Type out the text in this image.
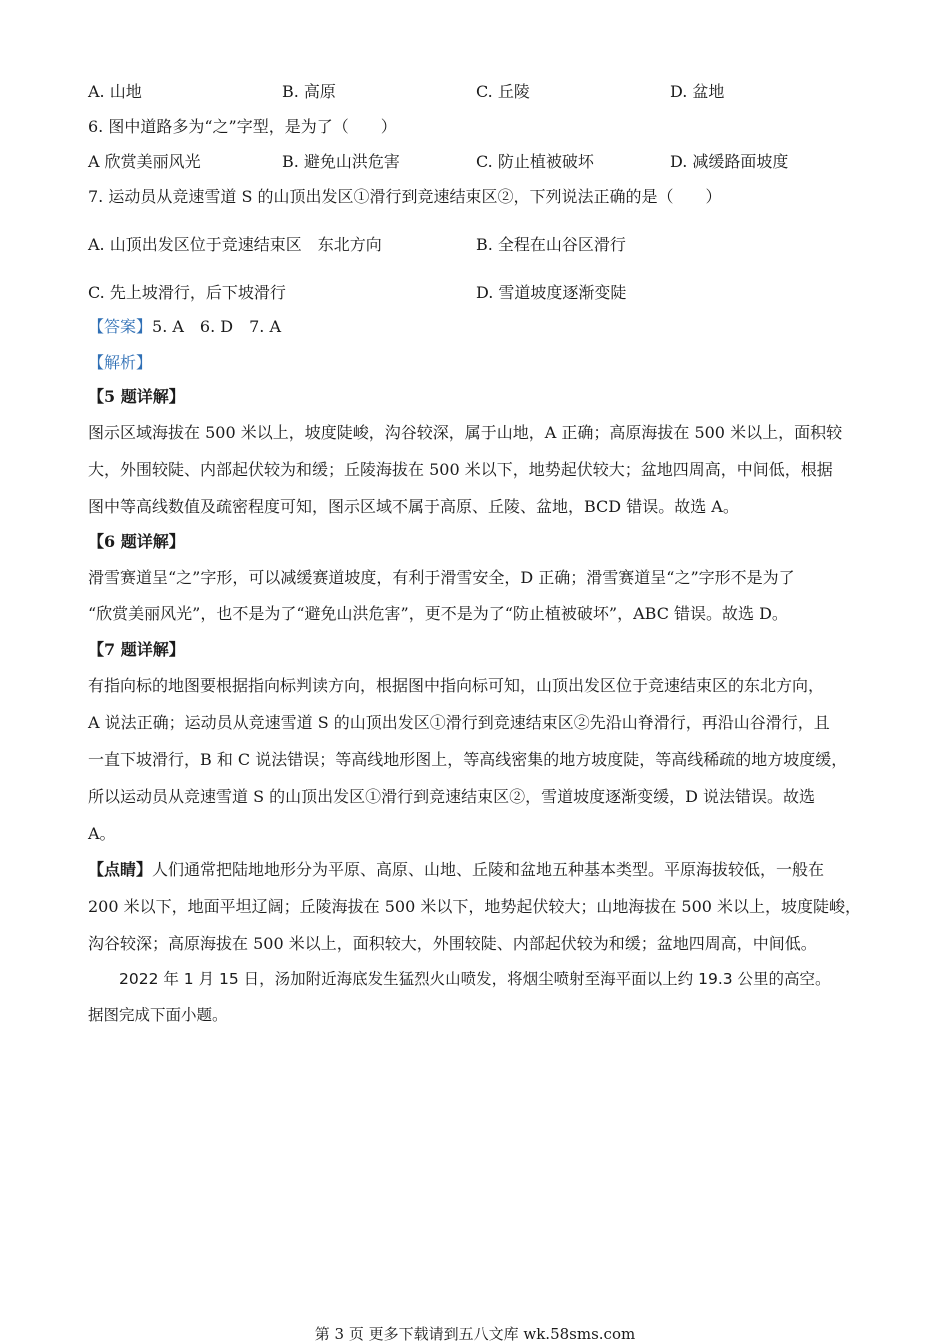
A. 山地	B. 高原	C. 丘陵	D. 盆地
6. 图中道路多为“之”字型，是为了（　　）
A 欣赏美丽风光	B. 避免山洪危害	C. 防止植被破坏	D. 减缓路面坡度
7. 运动员从竞速雪道 S 的山顶出发区①滑行到竞速结束区②，下列说法正确的是（　　）
A. 山顶出发区位于竞速结束区　东北方向	B. 全程在山谷区滑行
C. 先上坡滑行，后下坡滑行	D. 雪道坡度逐渐变陡
【答案】5. A　6. D　7. A
【解析】
【5 题详解】
图示区域海拔在 500 米以上，坡度陡峻，沟谷较深，属于山地，A 正确；高原海拔在 500 米以上，面积较
大，外围较陡、内部起伏较为和缓；丘陵海拔在 500 米以下，地势起伏较大；盆地四周高，中间低，根据
图中等高线数值及疏密程度可知，图示区域不属于高原、丘陵、盆地，BCD 错误。故选 A。
【6 题详解】
滑雪赛道呈“之”字形，可以减缓赛道坡度，有利于滑雪安全，D 正确；滑雪赛道呈“之”字形不是为了
“欣赏美丽风光”，也不是为了“避免山洪危害”，更不是为了“防止植被破坏”，ABC 错误。故选 D。
【7 题详解】
有指向标的地图要根据指向标判读方向，根据图中指向标可知，山顶出发区位于竞速结束区的东北方向，
A 说法正确；运动员从竞速雪道 S 的山顶出发区①滑行到竞速结束区②先沿山脊滑行，再沿山谷滑行，且
一直下坡滑行，B 和 C 说法错误；等高线地形图上，等高线密集的地方坡度陡，等高线稀疏的地方坡度缓，
所以运动员从竞速雪道 S 的山顶出发区①滑行到竞速结束区②，雪道坡度逐渐变缓，D 说法错误。故选
A。
【点睛】人们通常把陆地地形分为平原、高原、山地、丘陵和盆地五种基本类型。平原海拔较低，一般在
200 米以下，地面平坦辽阔；丘陵海拔在 500 米以下，地势起伏较大；山地海拔在 500 米以上，坡度陡峻，
沟谷较深；高原海拔在 500 米以上，面积较大，外围较陡、内部起伏较为和缓；盆地四周高，中间低。
　　2022 年 1 月 15 日，汤加附近海底发生猛烈火山喷发，将烟尘喷射至海平面以上约 19.3 公里的高空。
据图完成下面小题。
第 3 页 更多下载请到五八文库 wk.58sms.com
